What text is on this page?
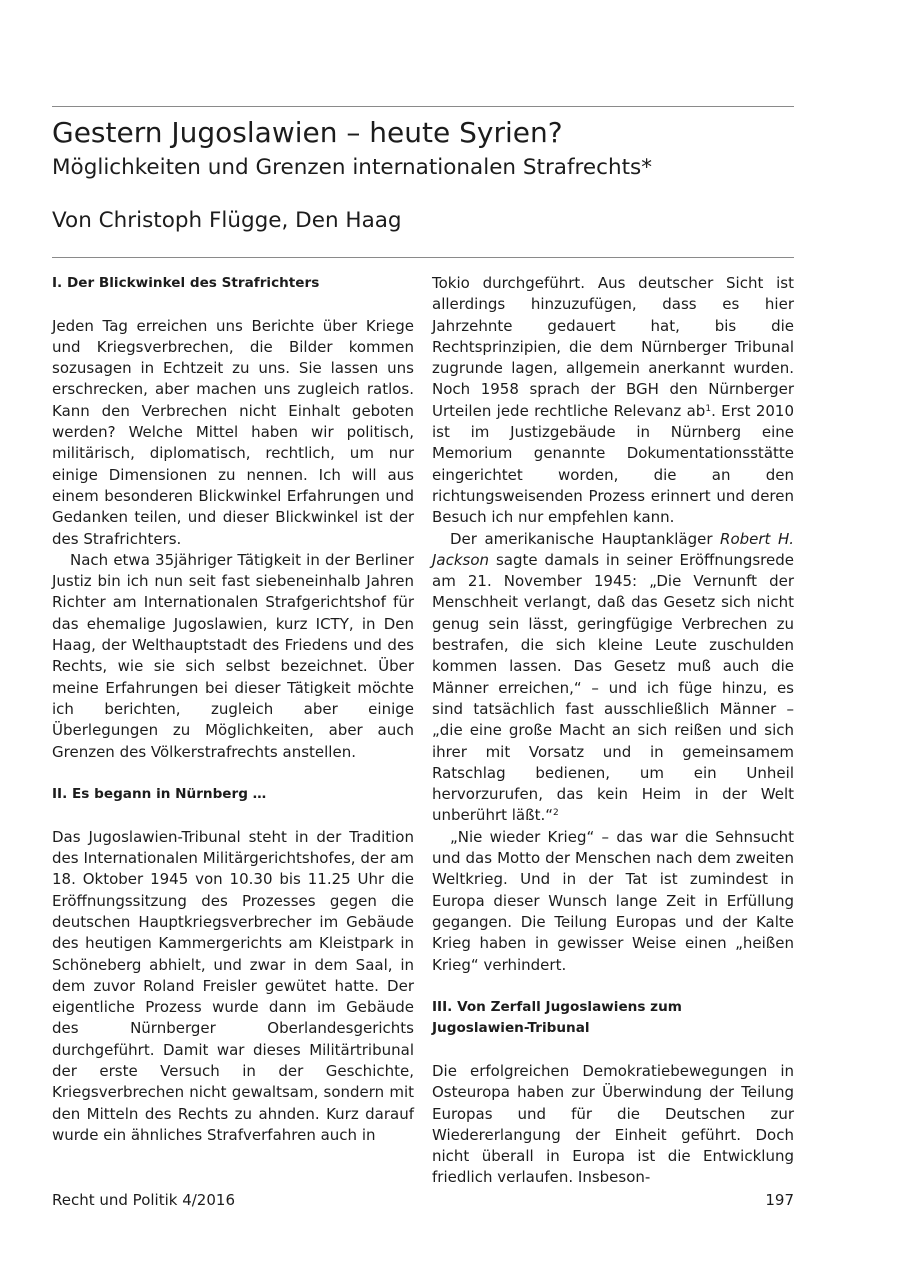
Gestern Jugoslawien – heute Syrien?
Möglichkeiten und Grenzen internationalen Strafrechts*
Von Christoph Flügge, Den Haag
I. Der Blickwinkel des Strafrichters

Jeden Tag erreichen uns Berichte über Kriege und Kriegsverbrechen, die Bilder kommen sozusagen in Echtzeit zu uns. Sie lassen uns erschrecken, aber machen uns zugleich ratlos. Kann den Verbrechen nicht Einhalt geboten werden? Welche Mittel haben wir politisch, militärisch, diplomatisch, rechtlich, um nur einige Dimensionen zu nennen. Ich will aus einem besonderen Blickwinkel Erfahrungen und Gedanken teilen, und dieser Blickwinkel ist der des Strafrichters.

Nach etwa 35jähriger Tätigkeit in der Berliner Justiz bin ich nun seit fast siebeneinhalb Jahren Richter am Internationalen Strafgerichtshof für das ehemalige Jugoslawien, kurz ICTY, in Den Haag, der Welthauptstadt des Friedens und des Rechts, wie sie sich selbst bezeichnet. Über meine Erfahrungen bei dieser Tätigkeit möchte ich berichten, zugleich aber einige Überlegungen zu Möglichkeiten, aber auch Grenzen des Völkerstrafrechts anstellen.

II. Es begann in Nürnberg …

Das Jugoslawien-Tribunal steht in der Tradition des Internationalen Militärgerichtshofes, der am 18. Oktober 1945 von 10.30 bis 11.25 Uhr die Eröffnungssitzung des Prozesses gegen die deutschen Hauptkriegsverbrecher im Gebäude des heutigen Kammergerichts am Kleistpark in Schöneberg abhielt, und zwar in dem Saal, in dem zuvor Roland Freisler gewütet hatte. Der eigentliche Prozess wurde dann im Gebäude des Nürnberger Oberlandesgerichts durchgeführt. Damit war dieses Militärtribunal der erste Versuch in der Geschichte, Kriegsverbrechen nicht gewaltsam, sondern mit den Mitteln des Rechts zu ahnden. Kurz darauf wurde ein ähnliches Strafverfahren auch in

Tokio durchgeführt. Aus deutscher Sicht ist allerdings hinzuzufügen, dass es hier Jahrzehnte gedauert hat, bis die Rechtsprinzipien, die dem Nürnberger Tribunal zugrunde lagen, allgemein anerkannt wurden. Noch 1958 sprach der BGH den Nürnberger Urteilen jede rechtliche Relevanz $ab^1$. Erst 2010 ist im Justizgebäude in Nürnberg eine Memorium genannte Dokumentationsstätte eingerichtet worden, die an den richtungsweisenden Prozess erinnert und deren Besuch ich nur empfehlen kann.

Der amerikanische Hauptankläger Robert H. Jackson sagte damals in seiner Eröffnungsrede am 21. November 1945: „Die Vernunft der Menschheit verlangt, daß das Gesetz sich nicht genug sein lässt, geringfügige Verbrechen zu bestrafen, die sich kleine Leute zuschulden kommen lassen. Das Gesetz muß auch die Männer erreichen,“ – und ich füge hinzu, es sind tatsächlich fast ausschließlich Männer – „die eine große Macht an sich reißen und sich ihrer mit Vorsatz und in gemeinsamem Ratschlag bedienen, um ein Unheil hervorzurufen, das kein Heim in der Welt unberührt läßt.“$^2$

„Nie wieder Krieg“ – das war die Sehnsucht und das Motto der Menschen nach dem zweiten Weltkrieg. Und in der Tat ist zumindest in Europa dieser Wunsch lange Zeit in Erfüllung gegangen. Die Teilung Europas und der Kalte Krieg haben in gewisser Weise einen „heißen Krieg“ verhindert.

III. Von Zerfall Jugoslawiens zum
Jugoslawien-Tribunal

Die erfolgreichen Demokratiebewegungen in Osteuropa haben zur Überwindung der Teilung Europas und für die Deutschen zur Wiedererlangung der Einheit geführt. Doch nicht überall in Europa ist die Entwicklung friedlich verlaufen. Insbeson-

Recht und Politik 4/2016	197
